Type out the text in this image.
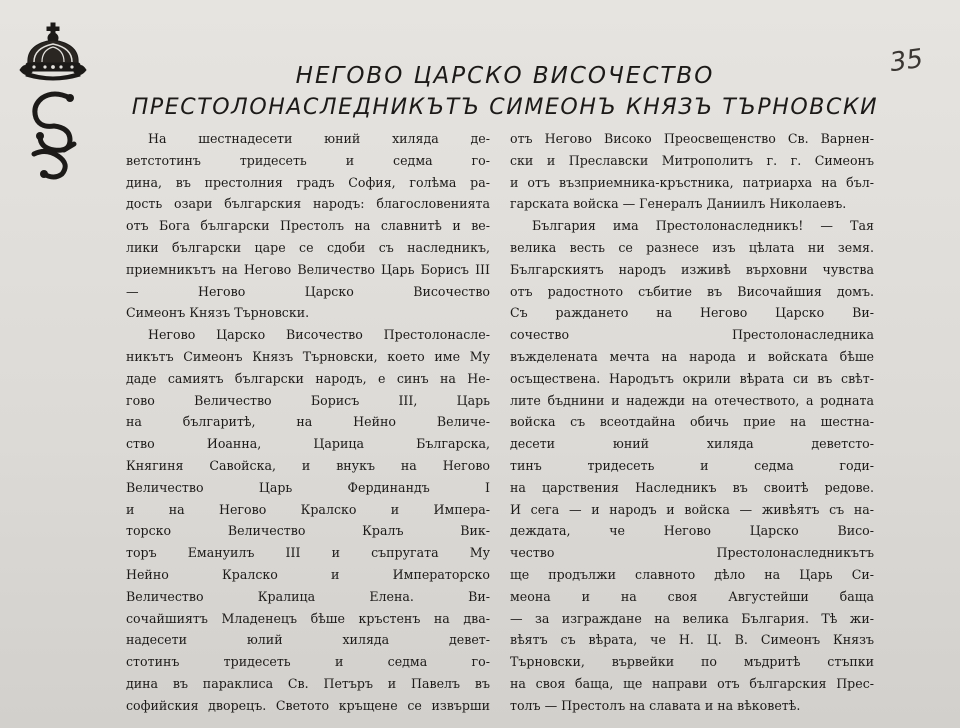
35
НЕГОВО ЦАРСКО ВИСОЧЕСТВО
ПРЕСТОЛОНАСЛЕДНИКЪТЪ СИМЕОНЪ КНЯЗЪ ТЪРНОВСКИ

На шестнадесети юний хиляда де-

ветстотинъ тридесеть и седма го-

дина, въ престолния градъ София, голѣма ра-

дость озари българския народъ: благословенията

отъ Бога български Престолъ на славнитѣ и ве-

лики български царе се сдоби съ наследникъ,

приемникътъ на Негово Величество Царь Борисъ III

— Негово Царско Височество

Симеонъ Князъ Търновски.

Негово Царско Височество Престолонасле-

никътъ Симеонъ Князъ Търновски, което име Му

даде самиятъ български народъ, е синъ на Не-

гово Величество Борисъ III, Царь

на българитѣ, на Нейно Величе-

ство Иоанна, Царица Българска,

Княгиня Савойска, и внукъ на Негово

Величество Царь Фердинандъ I

и на Негово Кралско и Импера-

торско Величество Кралъ Вик-

торъ Емануилъ III и съпругата Му

Нейно Кралско и Императорско

Величество Кралица Елена. Ви-

сочайшиятъ Младенецъ бѣше кръстенъ на два-

надесети юлий хиляда девет-

стотинъ тридесеть и седма го-

дина въ параклиса Св. Петъръ и Павелъ въ

софийския дворецъ. Светото кръщене се извърши

отъ Негово Високо Преосвещенство Св. Варнен-

ски и Преславски Митрополитъ г. г. Симеонъ

и отъ възприемника-кръстника, патриарха на бъл-

гарската войска — Генералъ Даниилъ Николаевъ.

България има Престолонаследникъ! — Тая

велика весть се разнесе изъ цѣлата ни земя.

Българскиятъ народъ изживѣ върховни чувства

отъ радостното събитие въ Височайшия домъ.

Съ раждането на Негово Царско Ви-

сочество Престолонаследника

въжделената мечта на народа и войската бѣше

осъществена. Народътъ окрили вѣрата си въ свѣт-

лите бъднини и надежди на отечеството, а родната

войска съ всеотдайна обичь прие на шестна-

десети юний хиляда деветсто-

тинъ тридесеть и седма годи-

на царствения Наследникъ въ своитѣ редове.

И сега — и народъ и войска — живѣятъ съ на-

деждата, че Негово Царско Висо-

чество Престолонаследникътъ

ще продължи славното дѣло на Царь Си-

меона и на своя Августейши баща

— за изграждане на велика България. Тѣ жи-

вѣятъ съ вѣрата, че Н. Ц. В. Симеонъ Князъ

Търновски, вървейки по мъдритѣ стъпки

на своя баща, ще направи отъ българския Прес-

толъ — Престолъ на славата и на вѣковетѣ.
